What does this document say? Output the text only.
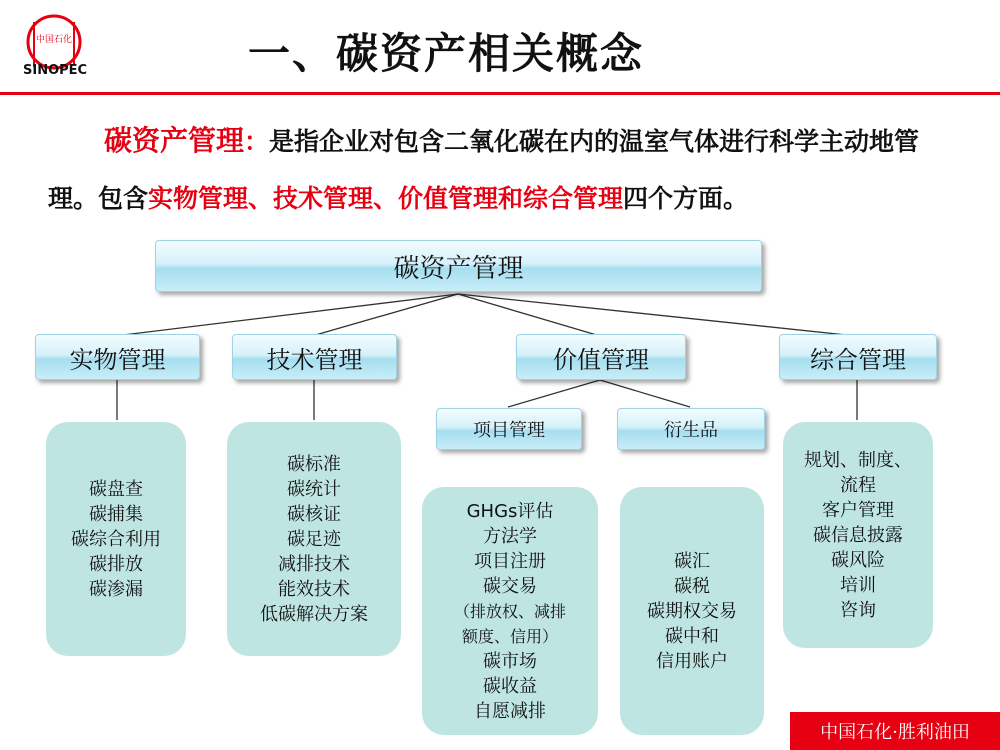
中国石化
SINOPEC	一、碳资产相关概念
碳资产管理：是指企业对包含二氧化碳在内的温室气体进行科学主动地管理。包含实物管理、技术管理、价值管理和综合管理四个方面。
碳资产管理
实物管理	技术管理	价值管理	综合管理
项目管理	衍生品
碳盘查
碳捕集
碳综合利用
碳排放
碳渗漏
碳标准
碳统计
碳核证
碳足迹
减排技术
能效技术
低碳解决方案
GHGs评估
方法学
项目注册
碳交易
（排放权、减排
额度、信用）
碳市场
碳收益
自愿减排
碳汇
碳税
碳期权交易
碳中和
信用账户
规划、制度、
流程
客户管理
碳信息披露
碳风险
培训
咨询
中国石化·胜利油田
